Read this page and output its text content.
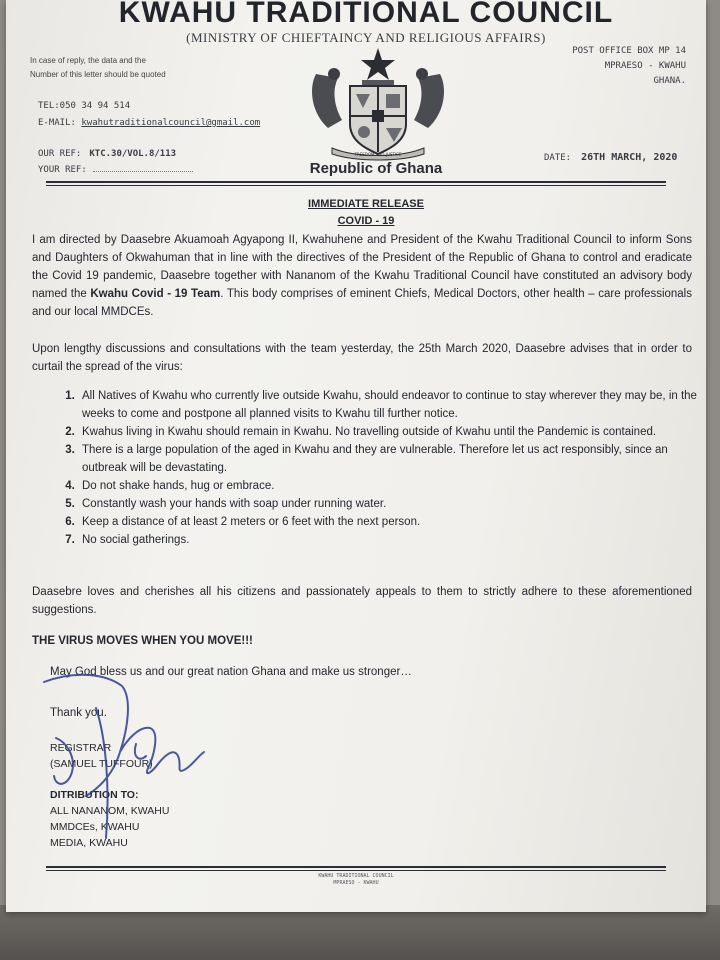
KWAHU TRADITIONAL COUNCIL

( MINISTRY OF CHIEFTAINCY AND RELIGIOUS AFFAIRS )

In case of reply, the data and the
Number of this letter should be quoted
POST OFFICE BOX MP 14
MPRAESO - KWAHU
GHANA.
TEL:050 34 94 514
E-MAIL: kwahutraditionalcouncil@gmail.com
OUR REF: KTC.30/VOL.8/113
YOUR REF:
FREEDOM AND JUSTICE
Republic of Ghana
DATE: 26TH MARCH, 2020

IMMEDIATE RELEASE

COVID - 19

I am directed by Daasebre Akuamoah Agyapong II, Kwahuhene and President of the Kwahu Traditional Council to inform Sons and Daughters of Okwahuman that in line with the directives of the President of the Republic of Ghana to control and eradicate the Covid 19 pandemic, Daasebre together with Nananom of the Kwahu Traditional Council have constituted an advisory body named the Kwahu Covid - 19 Team. This body comprises of eminent Chiefs, Medical Doctors, other health – care professionals and our local MMDCEs.

Upon lengthy discussions and consultations with the team yesterday, the 25th March 2020, Daasebre advises that in order to curtail the spread of the virus:

1. All Natives of Kwahu who currently live outside Kwahu, should endeavor to continue to stay wherever they may be, in the weeks to come and postpone all planned visits to Kwahu till further notice.
2. Kwahus living in Kwahu should remain in Kwahu. No travelling outside of Kwahu until the Pandemic is contained.
3. There is a large population of the aged in Kwahu and they are vulnerable. Therefore let us act responsibly, since an outbreak will be devastating.
4. Do not shake hands, hug or embrace.
5. Constantly wash your hands with soap under running water.
6. Keep a distance of at least 2 meters or 6 feet with the next person.
7. No social gatherings.

Daasebre loves and cherishes all his citizens and passionately appeals to them to strictly adhere to these aforementioned suggestions.

THE VIRUS MOVES WHEN YOU MOVE!!!

May God bless us and our great nation Ghana and make us stronger…

Thank you.

REGISTRAR
(SAMUEL TUFFOUR)
DITRIBUTION TO:
ALL NANANOM, KWAHU
MMDCEs, KWAHU
MEDIA, KWAHU
KWAHU TRADITIONAL COUNCIL
MPRAESO - KWAHU
